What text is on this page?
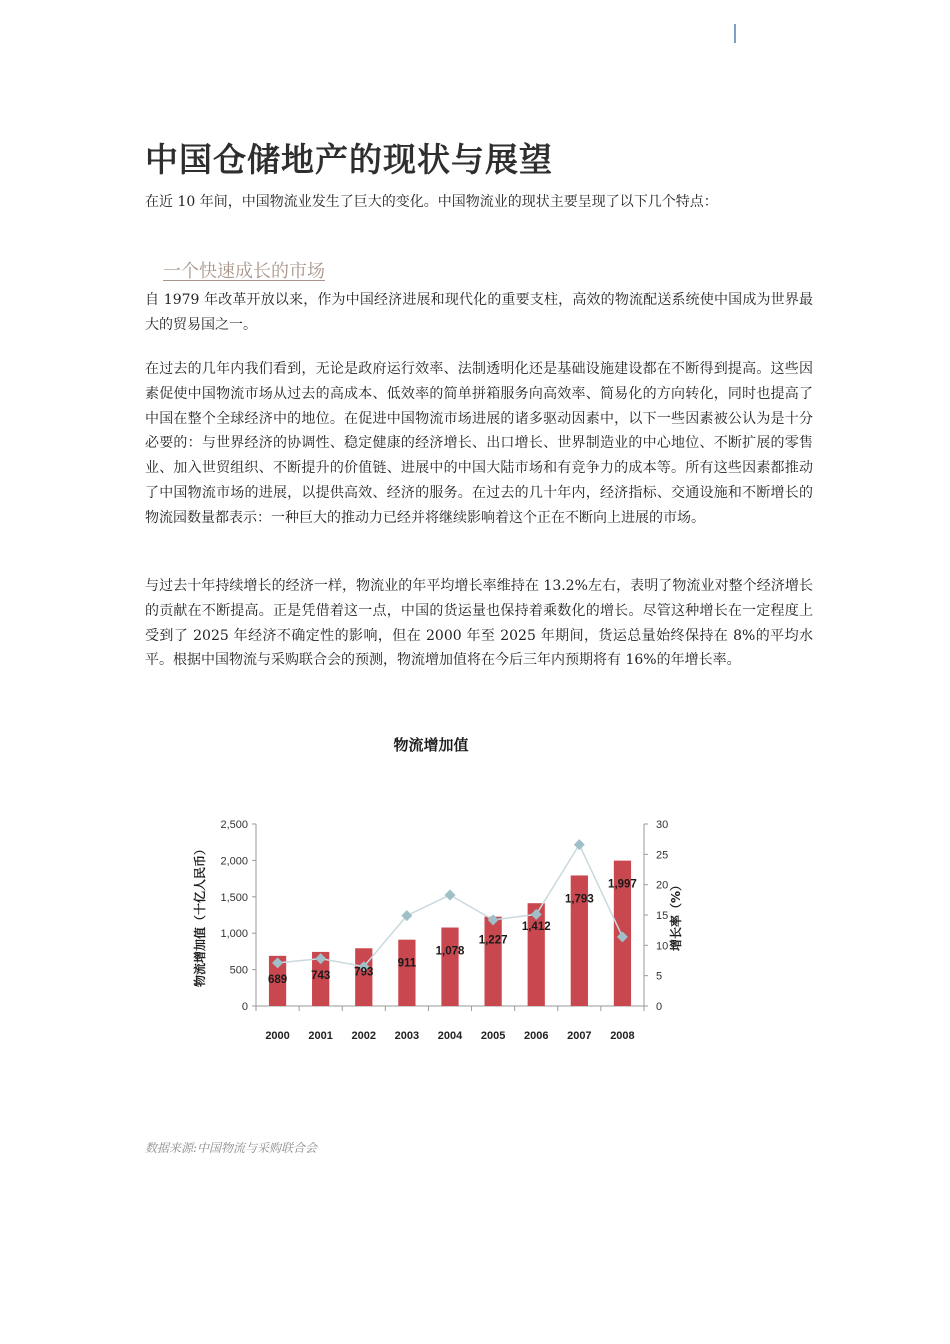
中国仓储地产的现状与展望

在近 10 年间，中国物流业发生了巨大的变化。中国物流业的现状主要呈现了以下几个特点：

一个快速成长的市场

自 1979 年改革开放以来，作为中国经济进展和现代化的重要支柱，高效的物流配送系统使中国成为世界最大的贸易国之一。

在过去的几年内我们看到，无论是政府运行效率、法制透明化还是基础设施建设都在不断得到提高。这些因素促使中国物流市场从过去的高成本、低效率的简单拼箱服务向高效率、简易化的方向转化，同时也提高了中国在整个全球经济中的地位。在促进中国物流市场进展的诸多驱动因素中，以下一些因素被公认为是十分必要的：与世界经济的协调性、稳定健康的经济增长、出口增长、世界制造业的中心地位、不断扩展的零售业、加入世贸组织、不断提升的价值链、进展中的中国大陆市场和有竞争力的成本等。所有这些因素都推动了中国物流市场的进展，以提供高效、经济的服务。在过去的几十年内，经济指标、交通设施和不断增长的物流园数量都表示：一种巨大的推动力已经并将继续影响着这个正在不断向上进展的市场。

与过去十年持续增长的经济一样，物流业的年平均增长率维持在 13.2%左右，表明了物流业对整个经济增长的贡献在不断提高。正是凭借着这一点，中国的货运量也保持着乘数化的增长。尽管这种增长在一定程度上受到了 2025 年经济不确定性的影响，但在 2000 年至 2025 年期间，货运总量始终保持在 8%的平均水平。根据中国物流与采购联合会的预测，物流增加值将在今后三年内预期将有 16%的年增长率。

物流增加值
物流增加值（十亿人民币）	增长率（%）
0
500
1,000
1,500
2,000
2,500
0
5
10
15
20
25
30
2000 2001 2002 2003 2004 2005 2006 2007 2008
689 743 793
911
1,078
1,227
1,412
1,793
1,997

数据来源:中国物流与采购联合会
